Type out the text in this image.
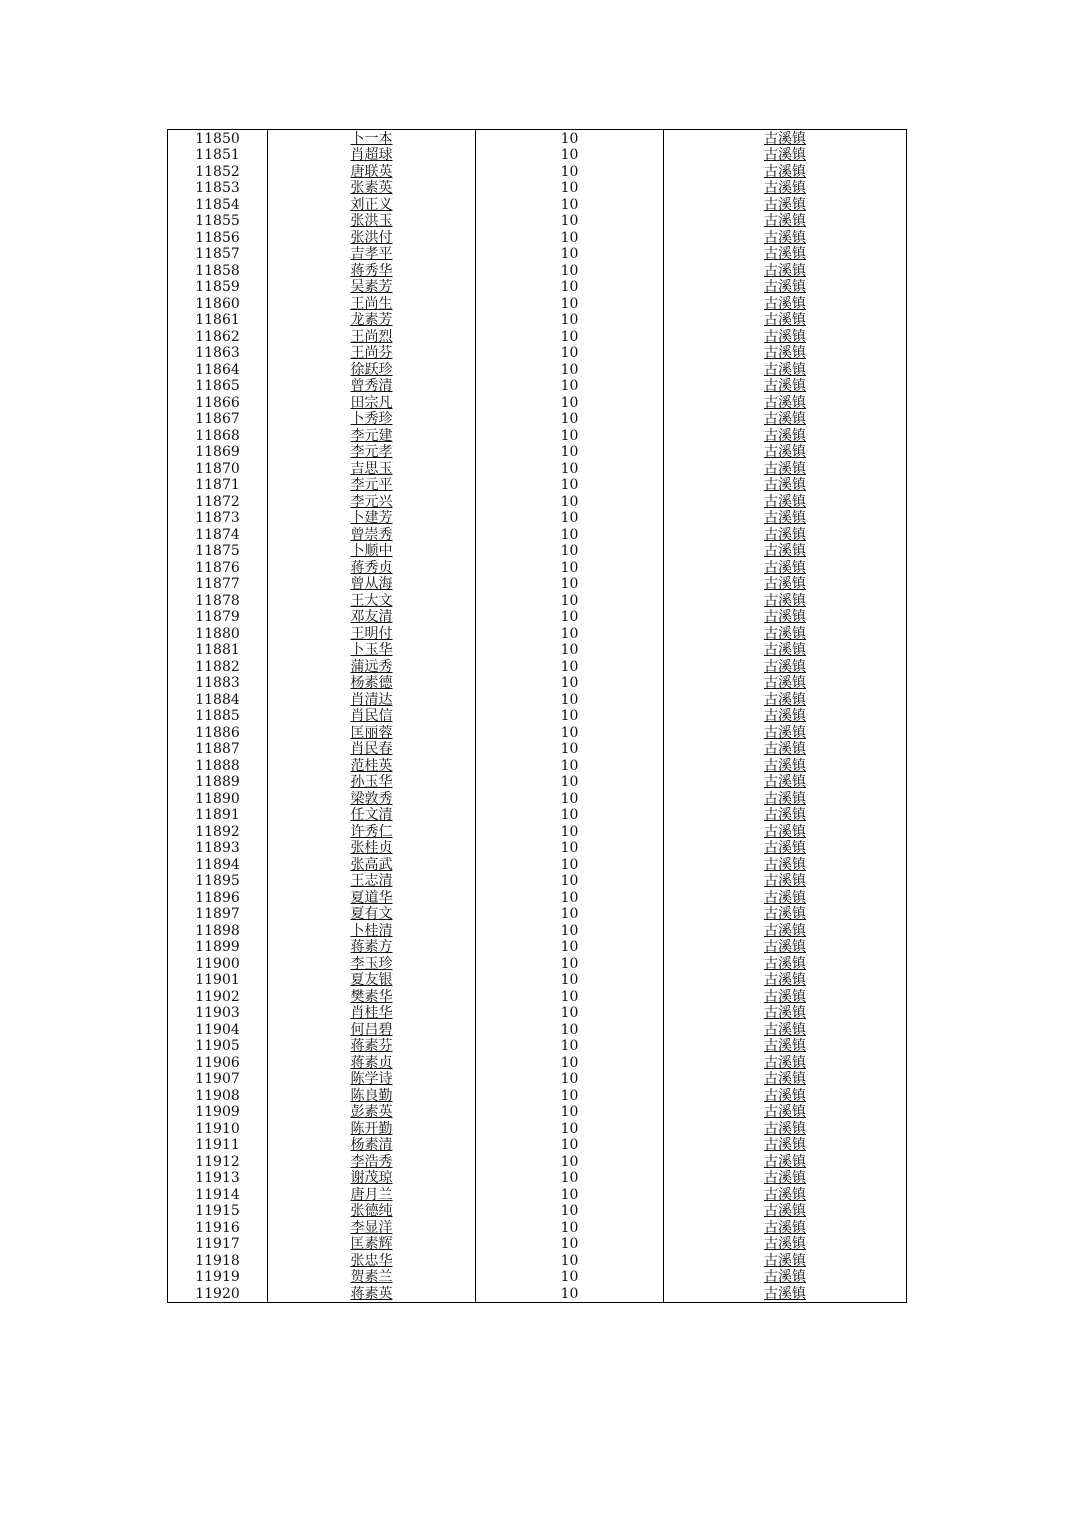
11850	卜一本	10	古溪镇
11851	肖超球	10	古溪镇
11852	唐联英	10	古溪镇
11853	张素英	10	古溪镇
11854	刘正义	10	古溪镇
11855	张洪玉	10	古溪镇
11856	张洪付	10	古溪镇
11857	吉孝平	10	古溪镇
11858	蒋秀华	10	古溪镇
11859	吴素芳	10	古溪镇
11860	王尚生	10	古溪镇
11861	龙素芳	10	古溪镇
11862	王尚烈	10	古溪镇
11863	王尚芬	10	古溪镇
11864	徐跃珍	10	古溪镇
11865	曾秀清	10	古溪镇
11866	田宗凡	10	古溪镇
11867	卜秀珍	10	古溪镇
11868	李元建	10	古溪镇
11869	李元孝	10	古溪镇
11870	吉思玉	10	古溪镇
11871	李元平	10	古溪镇
11872	李元兴	10	古溪镇
11873	卜建芳	10	古溪镇
11874	曾崇秀	10	古溪镇
11875	卜顺中	10	古溪镇
11876	蒋秀贞	10	古溪镇
11877	曾从海	10	古溪镇
11878	王大文	10	古溪镇
11879	邓友清	10	古溪镇
11880	王明付	10	古溪镇
11881	卜玉华	10	古溪镇
11882	蒲远秀	10	古溪镇
11883	杨素德	10	古溪镇
11884	肖清达	10	古溪镇
11885	肖民信	10	古溪镇
11886	匡丽蓉	10	古溪镇
11887	肖民春	10	古溪镇
11888	范桂英	10	古溪镇
11889	孙玉华	10	古溪镇
11890	梁敦秀	10	古溪镇
11891	任文清	10	古溪镇
11892	许秀仁	10	古溪镇
11893	张桂贞	10	古溪镇
11894	张高武	10	古溪镇
11895	王志清	10	古溪镇
11896	夏道华	10	古溪镇
11897	夏有文	10	古溪镇
11898	卜桂清	10	古溪镇
11899	蒋素方	10	古溪镇
11900	李玉珍	10	古溪镇
11901	夏友银	10	古溪镇
11902	樊素华	10	古溪镇
11903	肖桂华	10	古溪镇
11904	何吕碧	10	古溪镇
11905	蒋素芬	10	古溪镇
11906	蒋素贞	10	古溪镇
11907	陈学诗	10	古溪镇
11908	陈良勤	10	古溪镇
11909	彭素英	10	古溪镇
11910	陈开勤	10	古溪镇
11911	杨素清	10	古溪镇
11912	李浩秀	10	古溪镇
11913	谢茂琼	10	古溪镇
11914	唐月兰	10	古溪镇
11915	张德纯	10	古溪镇
11916	李显洋	10	古溪镇
11917	匡素辉	10	古溪镇
11918	张忠华	10	古溪镇
11919	贺素兰	10	古溪镇
11920	蒋素英	10	古溪镇
